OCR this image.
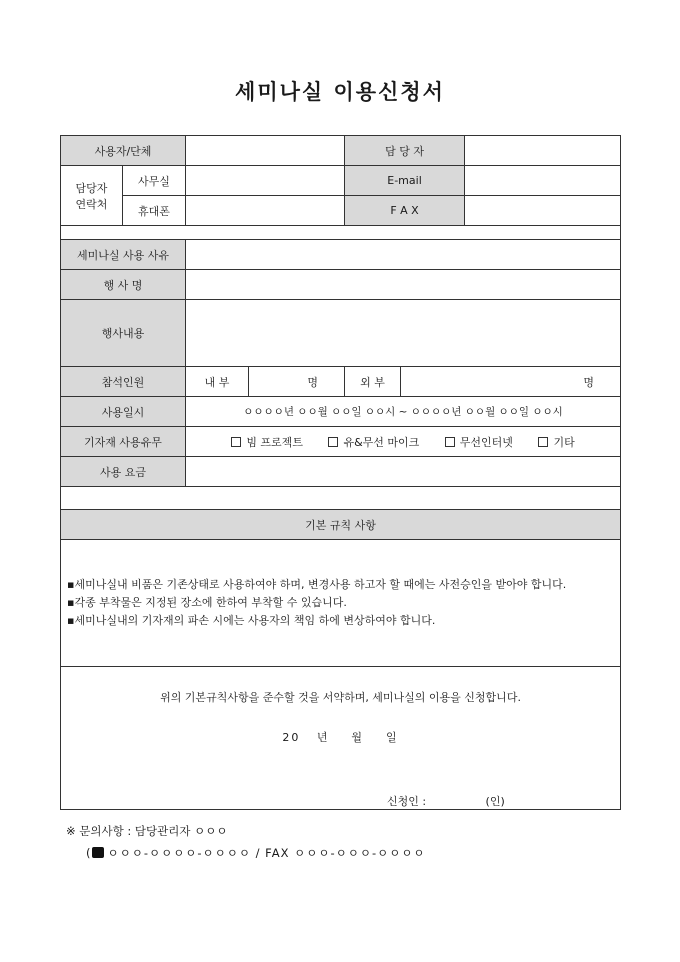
세미나실 이용신청서
사용자/단체				담 당 자		

담당자
연락처	사무실			E-mail		
	휴대폰			F A X		

세미나실 사용 사유						
행 사 명						
행사내용						
참석인원		내 부	명	외 부	명	
사용일시		ㅇㅇㅇㅇ년 ㅇㅇ월 ㅇㅇ일 ㅇㅇ시 ~ ㅇㅇㅇㅇ년 ㅇㅇ월 ㅇㅇ일 ㅇㅇ시				
기자재 사용유무		빔 프로젝트 유&무선 마이크 무선인터넷 기타				
사용 요금						

기본 규칙 사항						

▪세미나실내 비품은 기존상태로 사용하여야 하며, 변경사용 하고자 할 때에는 사전승인을 받아야 합니다.
▪각종 부착물은 지정된 장소에 한하여 부착할 수 있습니다.
▪세미나실내의 기자재의 파손 시에는 사용자의 책임 하에 변상하여야 합니다.						

위의 기본규칙사항을 준수할 것을 서약하며, 세미나실의 이용을 신청합니다.
20   년    월    일
신청인 :                 (인)						
※ 문의사항 : 담당관리자 ㅇㅇㅇ
( ㅇㅇㅇ-ㅇㅇㅇㅇ-ㅇㅇㅇㅇ / FAX ㅇㅇㅇ-ㅇㅇㅇ-ㅇㅇㅇㅇ
